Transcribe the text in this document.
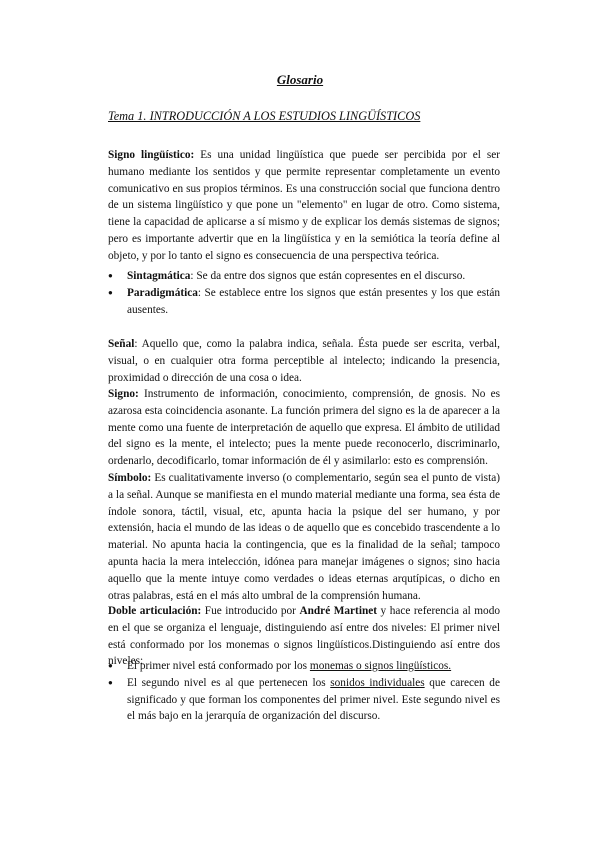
Glosario
Tema 1. INTRODUCCIÓN A LOS ESTUDIOS LINGÜÍSTICOS

Signo lingüístico: Es una unidad lingüística que puede ser percibida por el ser humano mediante los sentidos y que permite representar completamente un evento comunicativo en sus propios términos. Es una construcción social que funciona dentro de un sistema lingüístico y que pone un "elemento" en lugar de otro. Como sistema, tiene la capacidad de aplicarse a sí mismo y de explicar los demás sistemas de signos; pero es importante advertir que en la lingüística y en la semiótica la teoría define al objeto, y por lo tanto el signo es consecuencia de una perspectiva teórica.

● Sintagmática: Se da entre dos signos que están copresentes en el discurso.
● Paradigmática: Se establece entre los signos que están presentes y los que están ausentes.

Señal: Aquello que, como la palabra indica, señala. Ésta puede ser escrita, verbal, visual, o en cualquier otra forma perceptible al intelecto; indicando la presencia, proximidad o dirección de una cosa o idea.

Signo: Instrumento de información, conocimiento, comprensión, de gnosis. No es azarosa esta coincidencia asonante. La función primera del signo es la de aparecer a la mente como una fuente de interpretación de aquello que expresa. El ámbito de utilidad del signo es la mente, el intelecto; pues la mente puede reconocerlo, discriminarlo, ordenarlo, decodificarlo, tomar información de él y asimilarlo: esto es comprensión.

Símbolo: Es cualitativamente inverso (o complementario, según sea el punto de vista) a la señal. Aunque se manifiesta en el mundo material mediante una forma, sea ésta de índole sonora, táctil, visual, etc, apunta hacia la psique del ser humano, y por extensión, hacia el mundo de las ideas o de aquello que es concebido trascendente a lo material. No apunta hacia la contingencia, que es la finalidad de la señal; tampoco apunta hacia la mera intelección, idónea para manejar imágenes o signos; sino hacia aquello que la mente intuye como verdades o ideas eternas arqutípicas, o dicho en otras palabras, está en el más alto umbral de la comprensión humana.

Doble articulación: Fue introducido por André Martinet y hace referencia al modo en el que se organiza el lenguaje, distinguiendo así entre dos niveles: El primer nivel está conformado por los monemas o signos lingüísticos.Distinguiendo así entre dos niveles:

● El primer nivel está conformado por los monemas o signos lingüísticos.
● El segundo nivel es al que pertenecen los sonidos individuales que carecen de significado y que forman los componentes del primer nivel. Este segundo nivel es el más bajo en la jerarquía de organización del discurso.
